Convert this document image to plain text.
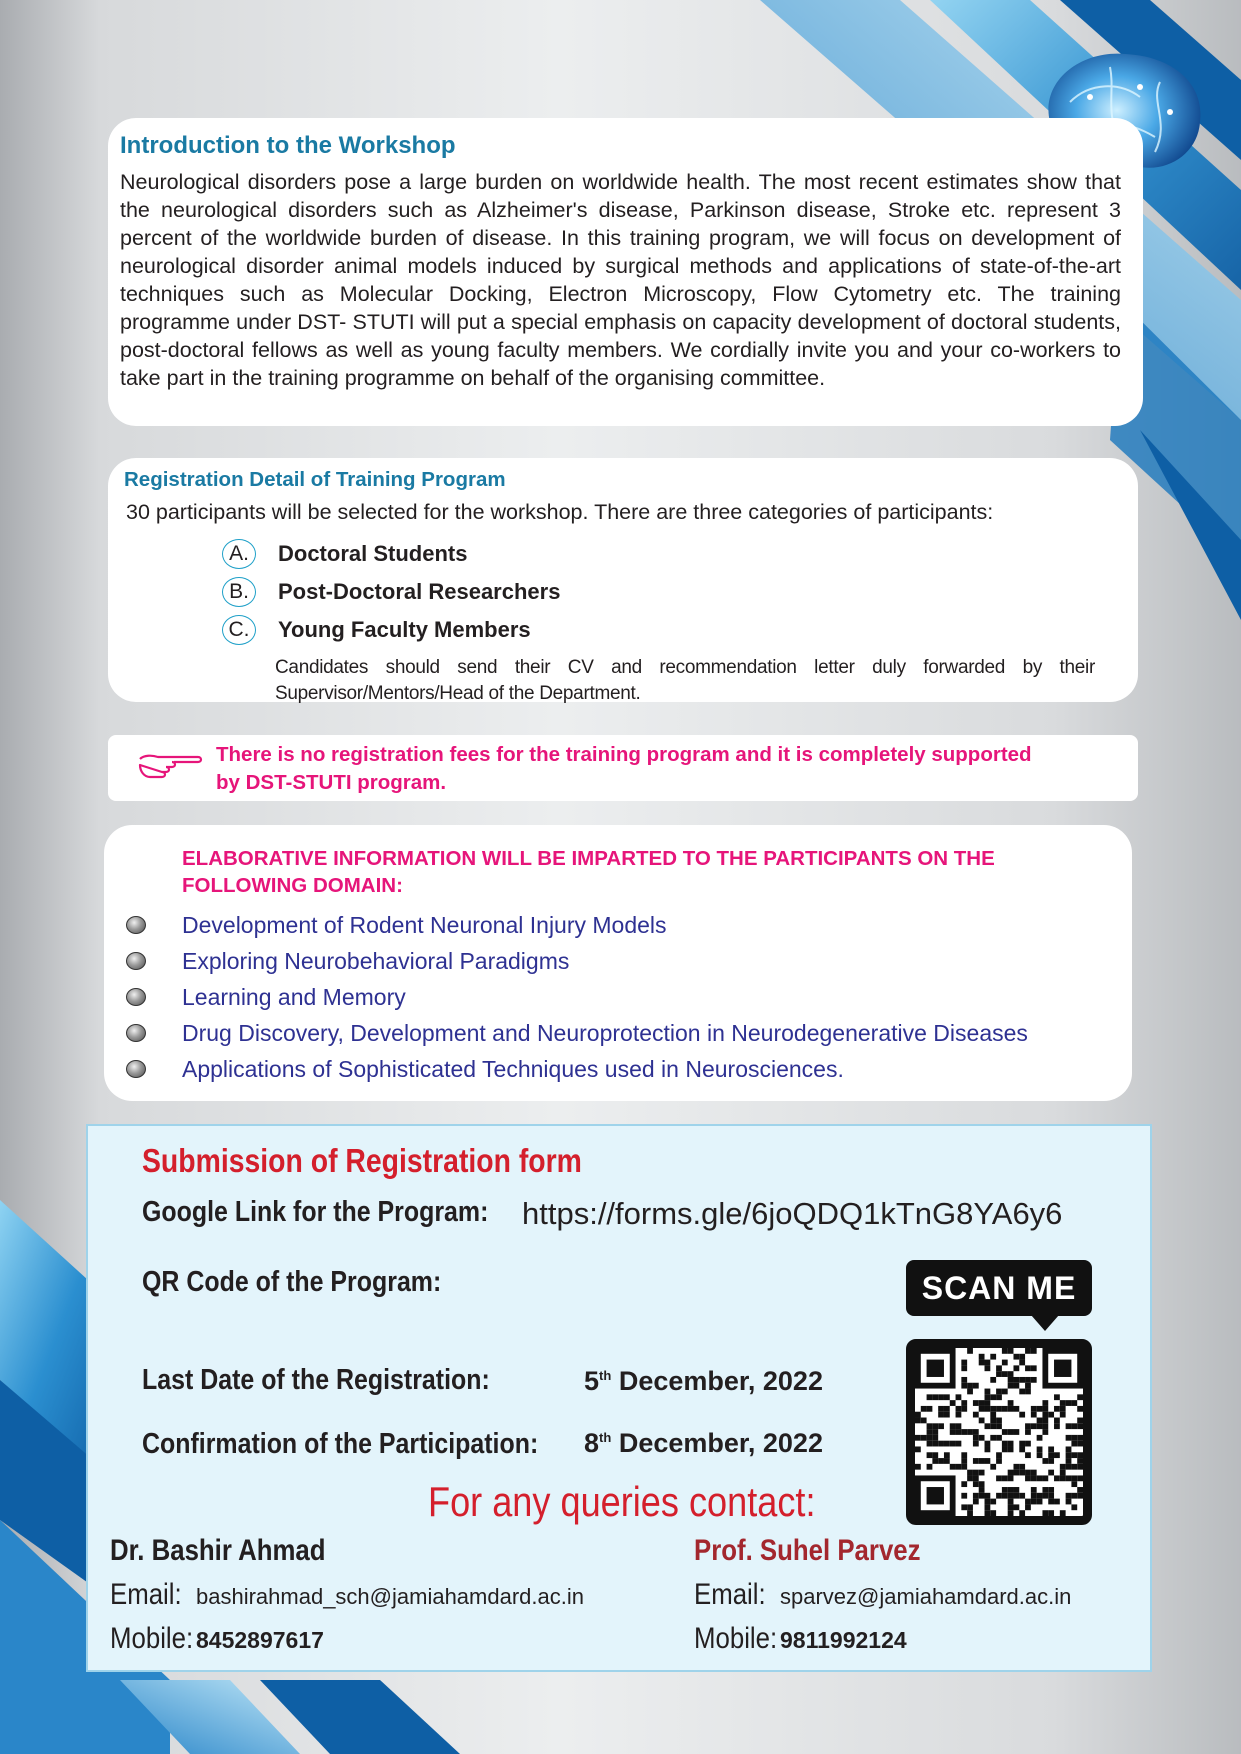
Introduction to the Workshop

Neurological disorders pose a large burden on worldwide health. The most recent estimates show that the neurological disorders such as Alzheimer's disease, Parkinson disease, Stroke etc. represent 3 percent of the worldwide burden of disease. In this training program, we will focus on development of neurological disorder animal models induced by surgical methods and applications of state-of-the-art techniques such as Molecular Docking, Electron Microscopy, Flow Cytometry etc. The training programme under DST- STUTI will put a special emphasis on capacity development of doctoral students, post-doctoral fellows as well as young faculty members. We cordially invite you and your co-workers to take part in the training programme on behalf of the organising committee.

Registration Detail of Training Program
30 participants will be selected for the workshop. There are three categories of participants:
A.	Doctoral Students
B.	Post-Doctoral Researchers
C. Young Faculty Members

Candidates should send their CV and recommendation letter duly forwarded by their Supervisor/Mentors/Head of the Department.

There is no registration fees for the training program and it is completely supported
by DST-STUTI program.
ELABORATIVE INFORMATION WILL BE IMPARTED TO THE PARTICIPANTS ON THE
FOLLOWING DOMAIN:
Development of Rodent Neuronal Injury Models
Exploring Neurobehavioral Paradigms
Learning and Memory
Drug Discovery, Development and Neuroprotection in Neurodegenerative Diseases
Applications of Sophisticated Techniques used in Neurosciences.
Submission of Registration form
Google Link for the Program: https://forms.gle/6joQDQ1kTnG8YA6y6
QR Code of the Program:
Last Date of the Registration:	5th December, 2022
Confirmation of the Participation: 8th December, 2022
For any queries contact:
SCAN ME
Dr. Bashir Ahmad
Email: bashirahmad_sch@jamiahamdard.ac.in
Mobile: 8452897617
Prof. Suhel Parvez
Email: sparvez@jamiahamdard.ac.in
Mobile: 9811992124
